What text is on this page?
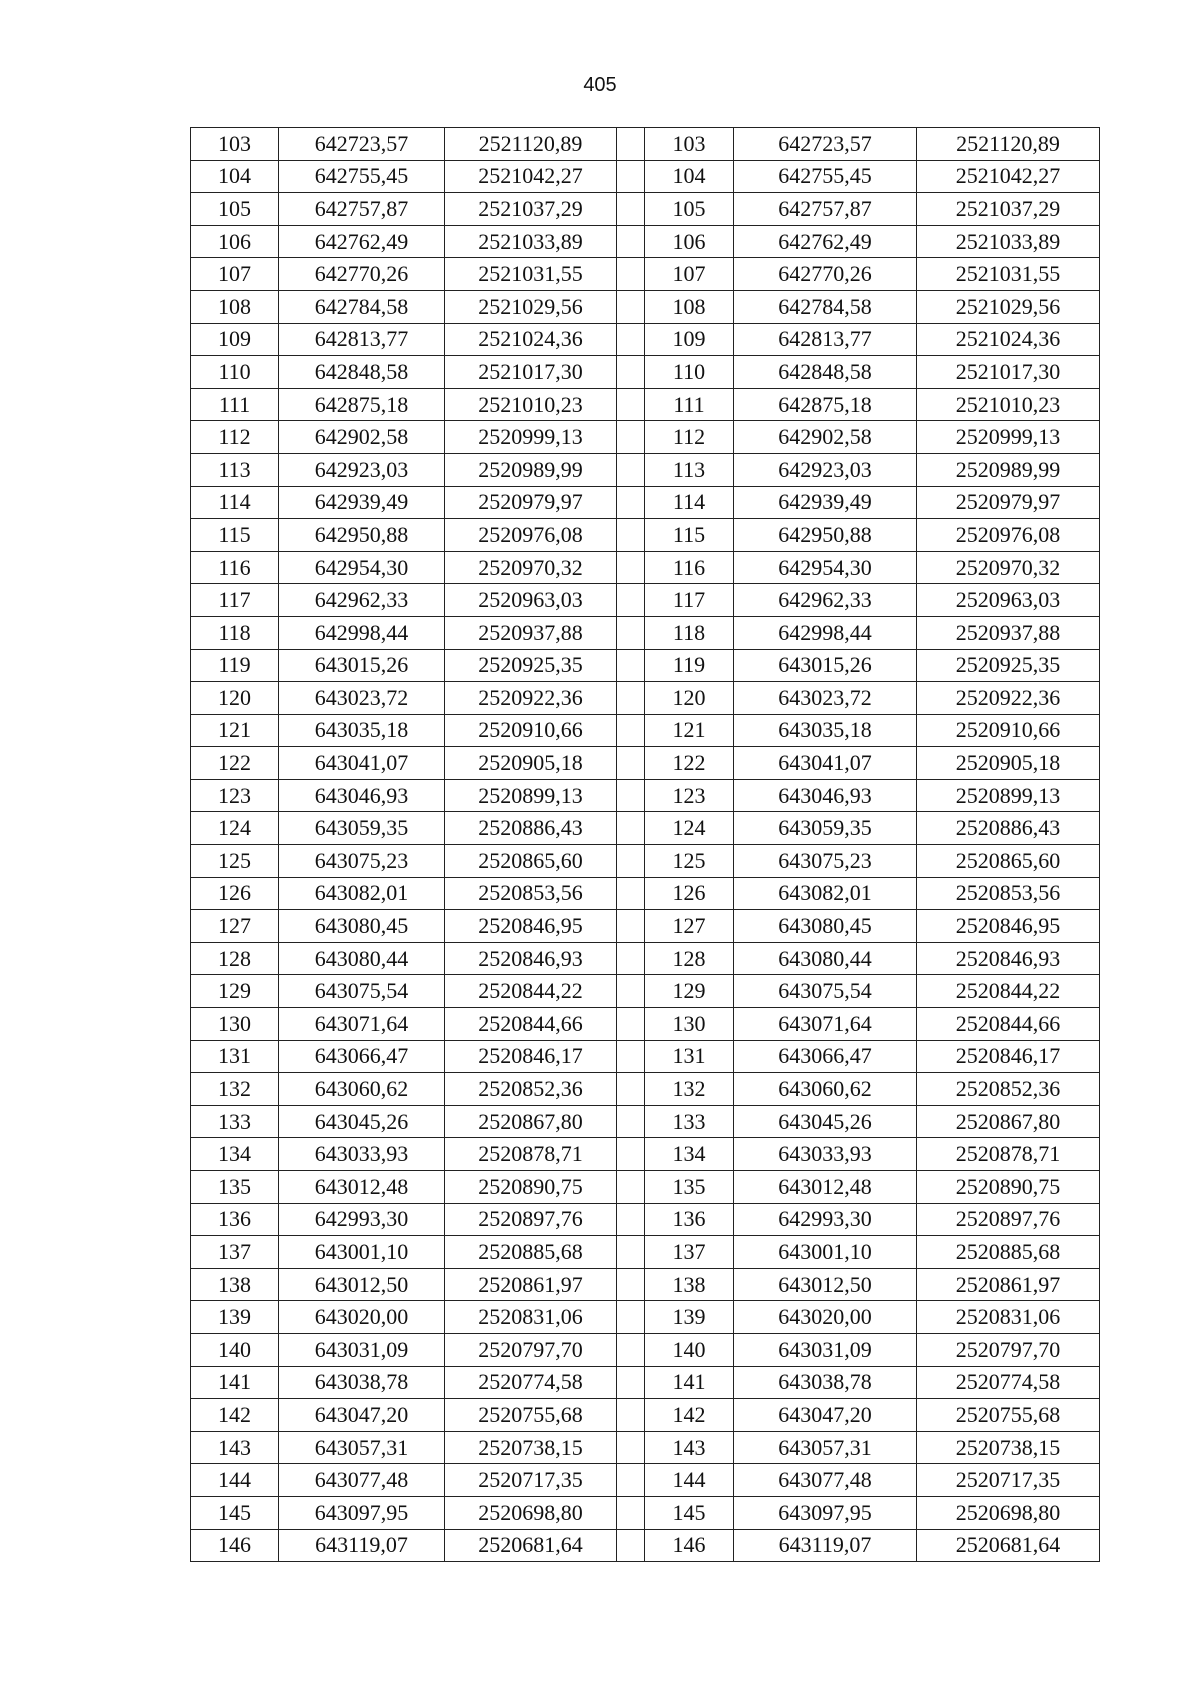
405
103	642723,57	2521120,89		103	642723,57	2521120,89
104	642755,45	2521042,27		104	642755,45	2521042,27
105	642757,87	2521037,29		105	642757,87	2521037,29
106	642762,49	2521033,89		106	642762,49	2521033,89
107	642770,26	2521031,55		107	642770,26	2521031,55
108	642784,58	2521029,56		108	642784,58	2521029,56
109	642813,77	2521024,36		109	642813,77	2521024,36
110	642848,58	2521017,30		110	642848,58	2521017,30
111	642875,18	2521010,23		111	642875,18	2521010,23
112	642902,58	2520999,13		112	642902,58	2520999,13
113	642923,03	2520989,99		113	642923,03	2520989,99
114	642939,49	2520979,97		114	642939,49	2520979,97
115	642950,88	2520976,08		115	642950,88	2520976,08
116	642954,30	2520970,32		116	642954,30	2520970,32
117	642962,33	2520963,03		117	642962,33	2520963,03
118	642998,44	2520937,88		118	642998,44	2520937,88
119	643015,26	2520925,35		119	643015,26	2520925,35
120	643023,72	2520922,36		120	643023,72	2520922,36
121	643035,18	2520910,66		121	643035,18	2520910,66
122	643041,07	2520905,18		122	643041,07	2520905,18
123	643046,93	2520899,13		123	643046,93	2520899,13
124	643059,35	2520886,43		124	643059,35	2520886,43
125	643075,23	2520865,60		125	643075,23	2520865,60
126	643082,01	2520853,56		126	643082,01	2520853,56
127	643080,45	2520846,95		127	643080,45	2520846,95
128	643080,44	2520846,93		128	643080,44	2520846,93
129	643075,54	2520844,22		129	643075,54	2520844,22
130	643071,64	2520844,66		130	643071,64	2520844,66
131	643066,47	2520846,17		131	643066,47	2520846,17
132	643060,62	2520852,36		132	643060,62	2520852,36
133	643045,26	2520867,80		133	643045,26	2520867,80
134	643033,93	2520878,71		134	643033,93	2520878,71
135	643012,48	2520890,75		135	643012,48	2520890,75
136	642993,30	2520897,76		136	642993,30	2520897,76
137	643001,10	2520885,68		137	643001,10	2520885,68
138	643012,50	2520861,97		138	643012,50	2520861,97
139	643020,00	2520831,06		139	643020,00	2520831,06
140	643031,09	2520797,70		140	643031,09	2520797,70
141	643038,78	2520774,58		141	643038,78	2520774,58
142	643047,20	2520755,68		142	643047,20	2520755,68
143	643057,31	2520738,15		143	643057,31	2520738,15
144	643077,48	2520717,35		144	643077,48	2520717,35
145	643097,95	2520698,80		145	643097,95	2520698,80
146	643119,07	2520681,64		146	643119,07	2520681,64
